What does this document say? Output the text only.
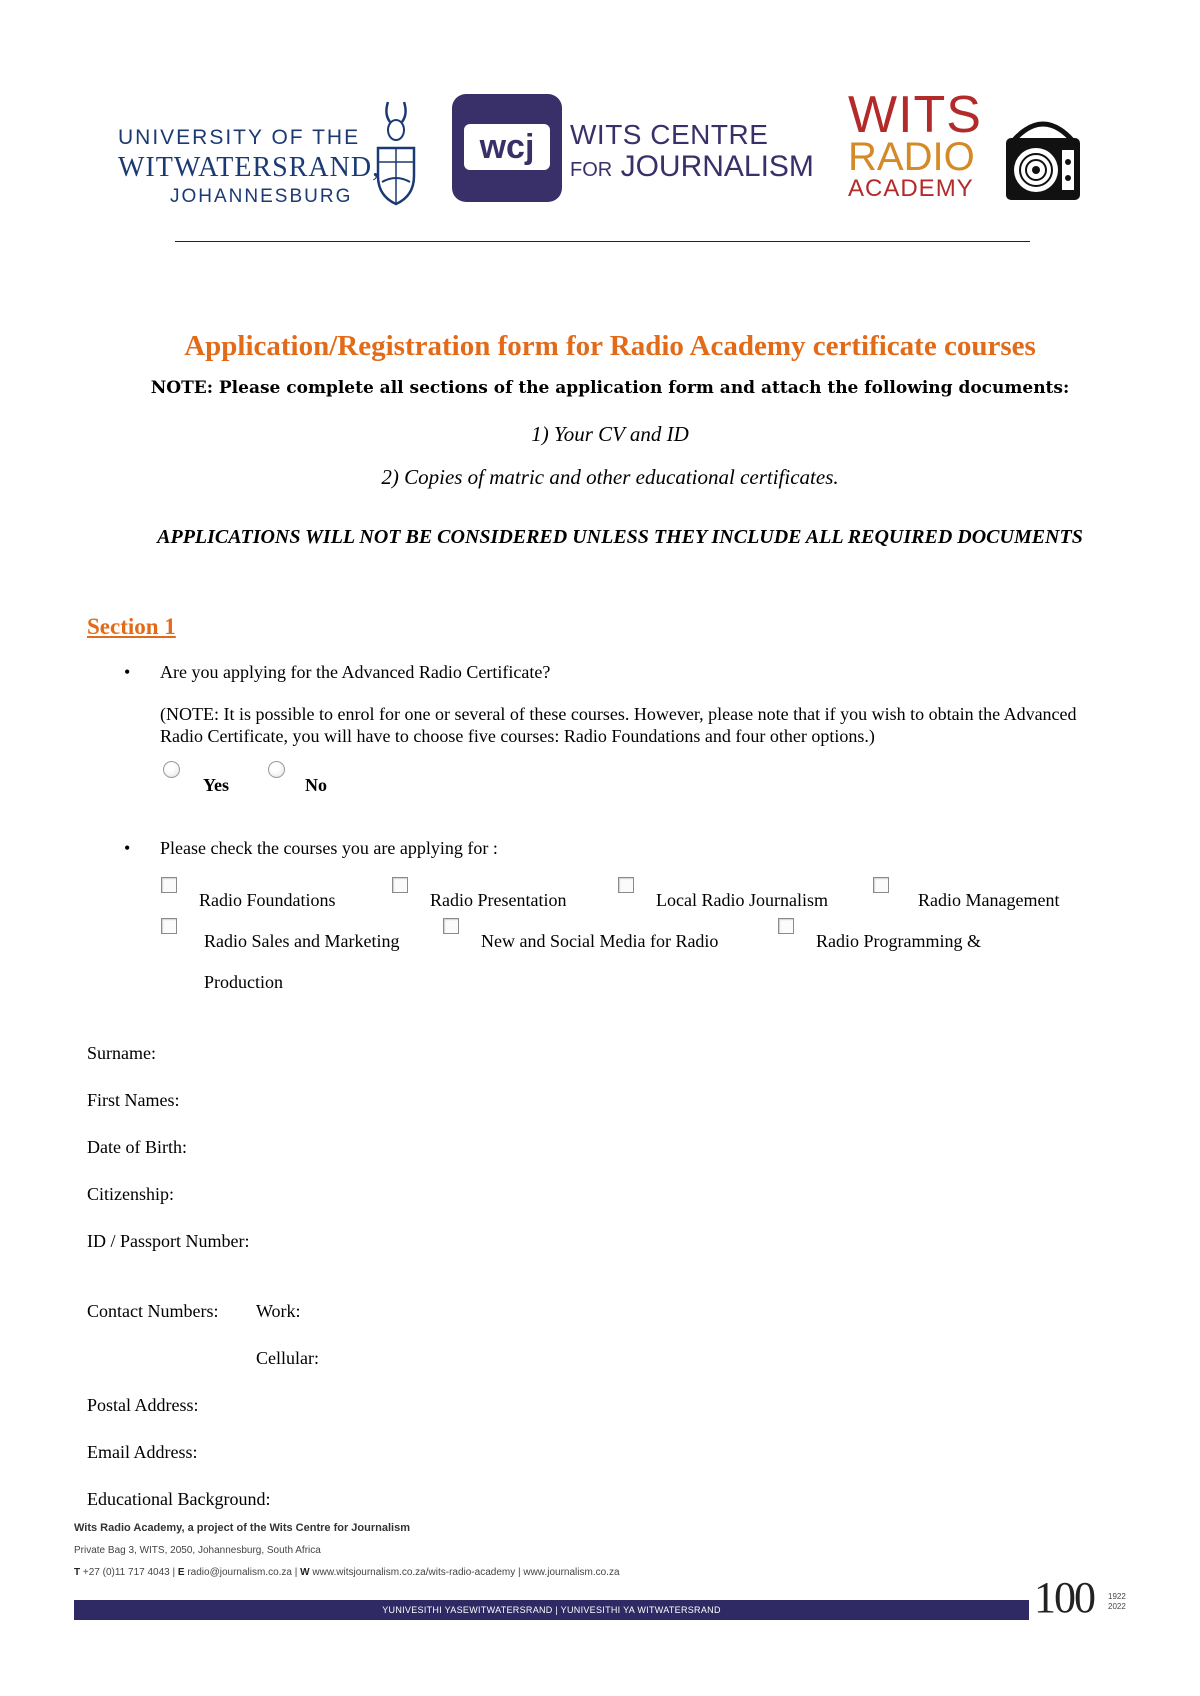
UNIVERSITY OF THE
WITWATERSRAND,
JOHANNESBURG
wcj	WITS CENTRE
FOR JOURNALISM
WITS
RADIO
ACADEMY
Application/Registration form for Radio Academy certificate courses
NOTE: Please complete all sections of the application form and attach the following documents:
1) Your CV and ID
2) Copies of matric and other educational certificates.
APPLICATIONS WILL NOT BE CONSIDERED UNLESS THEY INCLUDE ALL REQUIRED DOCUMENTS
Section 1
• Are you applying for the Advanced Radio Certificate?
(NOTE: It is possible to enrol for one or several of these courses. However, please note that if you wish to obtain the Advanced Radio Certificate, you will have to choose five courses: Radio Foundations and four other options.)
Yes	No
• Please check the courses you are applying for :
Radio Foundations	Radio Presentation	Local Radio Journalism	Radio Management
Radio Sales and Marketing	New and Social Media for Radio	Radio Programming &
Production
Surname:
First Names:
Date of Birth:
Citizenship:
ID / Passport Number:
Contact Numbers: Work:
Cellular:
Postal Address:
Email Address:
Educational Background:
Wits Radio Academy, a project of the Wits Centre for Journalism
Private Bag 3, WITS, 2050, Johannesburg, South Africa
T +27 (0)11 717 4043 | E radio@journalism.co.za | W www.witsjournalism.co.za/wits-radio-academy | www.journalism.co.za
YUNIVESITHI YASEWITWATERSRAND | YUNIVESITHI YA WITWATERSRAND	100 1922
2022
